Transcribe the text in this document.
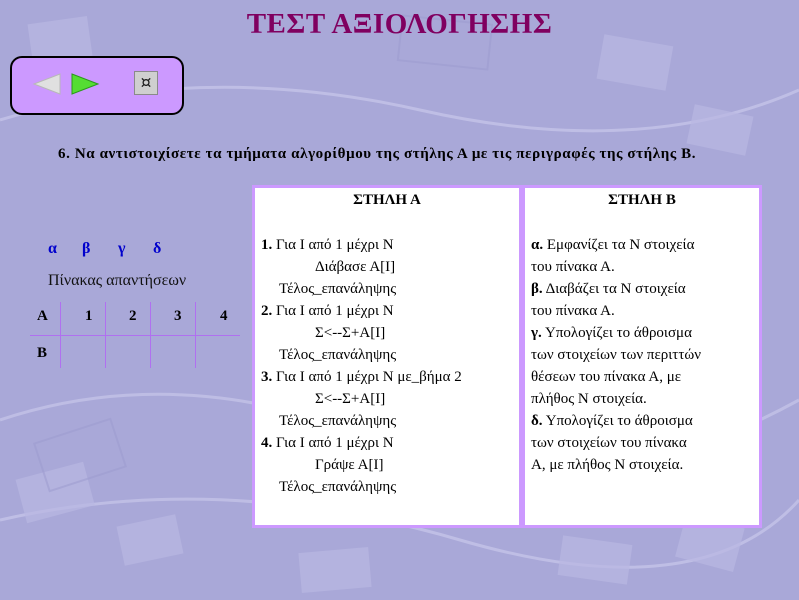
ΤΕΣΤ ΑΞΙΟΛΟΓΗΣΗΣ
¤
6. Να αντιστοιχίσετε τα τμήματα αλγορίθμου της στήλης Α με τις περιγραφές της στήλης Β.
α β γ δ
Πίνακας απαντήσεων
Α 1 2	3	4
Β
ΣΤΗΛΗ Α
1. Για Ι από 1 μέχρι Ν
Διάβασε Α[Ι]
Τέλος_επανάληψης
2. Για Ι από 1 μέχρι Ν
Σ<--Σ+Α[Ι]
Τέλος_επανάληψης
3. Για Ι από 1 μέχρι Ν με_βήμα 2
Σ<--Σ+Α[Ι]
Τέλος_επανάληψης
4. Για Ι από 1 μέχρι Ν
Γράψε Α[Ι]
Τέλος_επανάληψης
ΣΤΗΛΗ Β
α. Εμφανίζει τα Ν στοιχεία
του πίνακα Α.
β. Διαβάζει τα Ν στοιχεία
του πίνακα Α.
γ. Υπολογίζει το άθροισμα
των στοιχείων των περιττών
θέσεων του πίνακα Α, με
πλήθος Ν στοιχεία.
δ. Υπολογίζει το άθροισμα
των στοιχείων του πίνακα
Α, με πλήθος Ν στοιχεία.
